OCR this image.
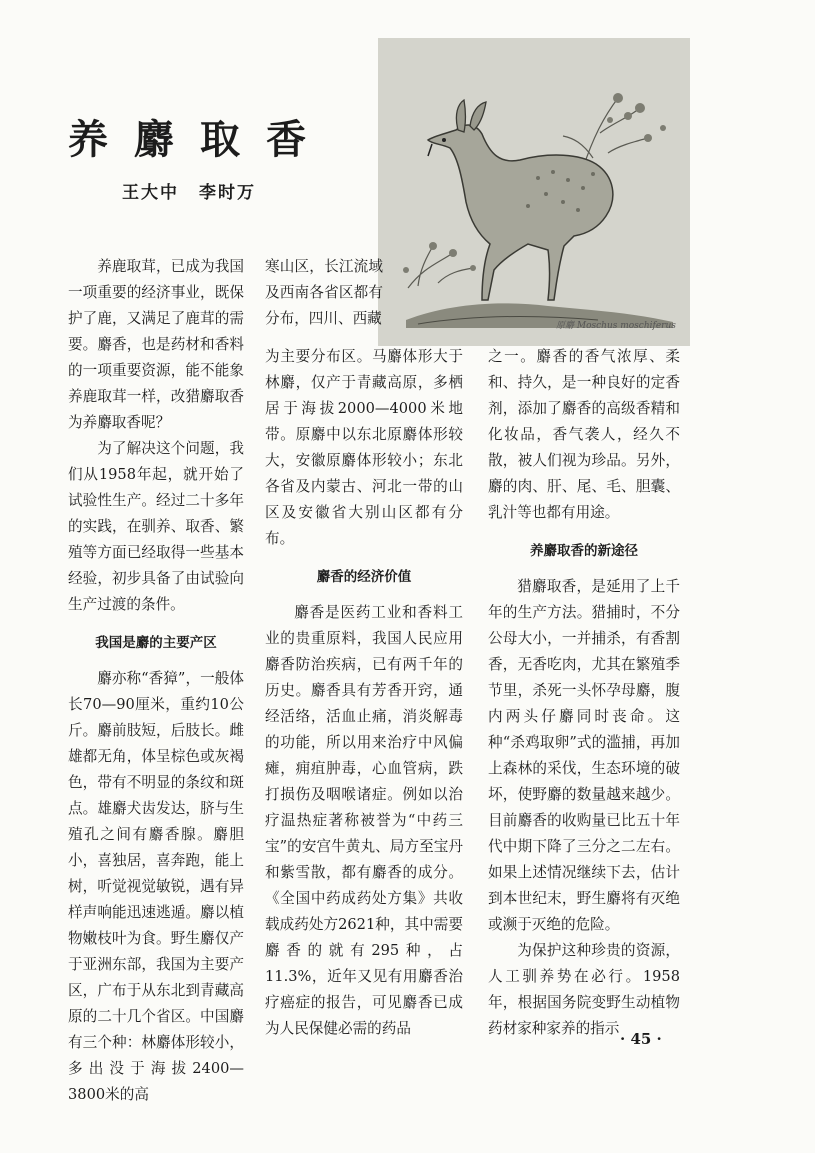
养麝取香
王大中 李时万
原麝 Moschus moschiferus

养鹿取茸，已成为我国一项重要的经济事业，既保护了鹿，又满足了鹿茸的需要。麝香，也是药材和香料的一项重要资源，能不能象养鹿取茸一样，改猎麝取香为养麝取香呢？

为了解决这个问题，我们从1958年起，就开始了试验性生产。经过二十多年的实践，在驯养、取香、繁殖等方面已经取得一些基本经验，初步具备了由试验向生产过渡的条件。

我国是麝的主要产区

麝亦称“香獐”，一般体长70—90厘米，重约10公斤。麝前肢短，后肢长。雌雄都无角，体呈棕色或灰褐色，带有不明显的条纹和斑点。雄麝犬齿发达，脐与生殖孔之间有麝香腺。麝胆小，喜独居，喜奔跑，能上树，听觉视觉敏锐，遇有异样声响能迅速逃遁。麝以植物嫩枝叶为食。野生麝仅产于亚洲东部，我国为主要产区，广布于从东北到青藏高原的二十几个省区。中国麝有三个种：林麝体形较小，多出没于海拔2400—3800米的高

寒山区，长江流域及西南各省区都有分布，四川、西藏

为主要分布区。马麝体形大于林麝，仅产于青藏高原，多栖居于海拔2000—4000米地带。原麝中以东北原麝体形较大，安徽原麝体形较小；东北各省及内蒙古、河北一带的山区及安徽省大别山区都有分布。

麝香的经济价值

麝香是医药工业和香料工业的贵重原料，我国人民应用麝香防治疾病，已有两千年的历史。麝香具有芳香开窍，通经活络，活血止痛，消炎解毒的功能，所以用来治疗中风偏瘫，痈疽肿毒，心血管病，跌打损伤及咽喉诸症。例如以治疗温热症著称被誉为“中药三宝”的安宫牛黄丸、局方至宝丹和紫雪散，都有麝香的成分。《全国中药成药处方集》共收载成药处方2621种，其中需要麝香的就有295种，占11.3%，近年又见有用麝香治疗癌症的报告，可见麝香已成为人民保健必需的药品

之一。麝香的香气浓厚、柔和、持久，是一种良好的定香剂，添加了麝香的高级香精和化妆品，香气袭人，经久不散，被人们视为珍品。另外，麝的肉、肝、尾、毛、胆囊、乳汁等也都有用途。

养麝取香的新途径

猎麝取香，是延用了上千年的生产方法。猎捕时，不分公母大小，一并捕杀，有香割香，无香吃肉，尤其在繁殖季节里，杀死一头怀孕母麝，腹内两头仔麝同时丧命。这种“杀鸡取卵”式的滥捕，再加上森林的采伐，生态环境的破坏，使野麝的数量越来越少。目前麝香的收购量已比五十年代中期下降了三分之二左右。如果上述情况继续下去，估计到本世纪末，野生麝将有灭绝或濒于灭绝的危险。

为保护这种珍贵的资源，人工驯养势在必行。1958年，根据国务院变野生动植物药材家种家养的指示

· 45 ·
